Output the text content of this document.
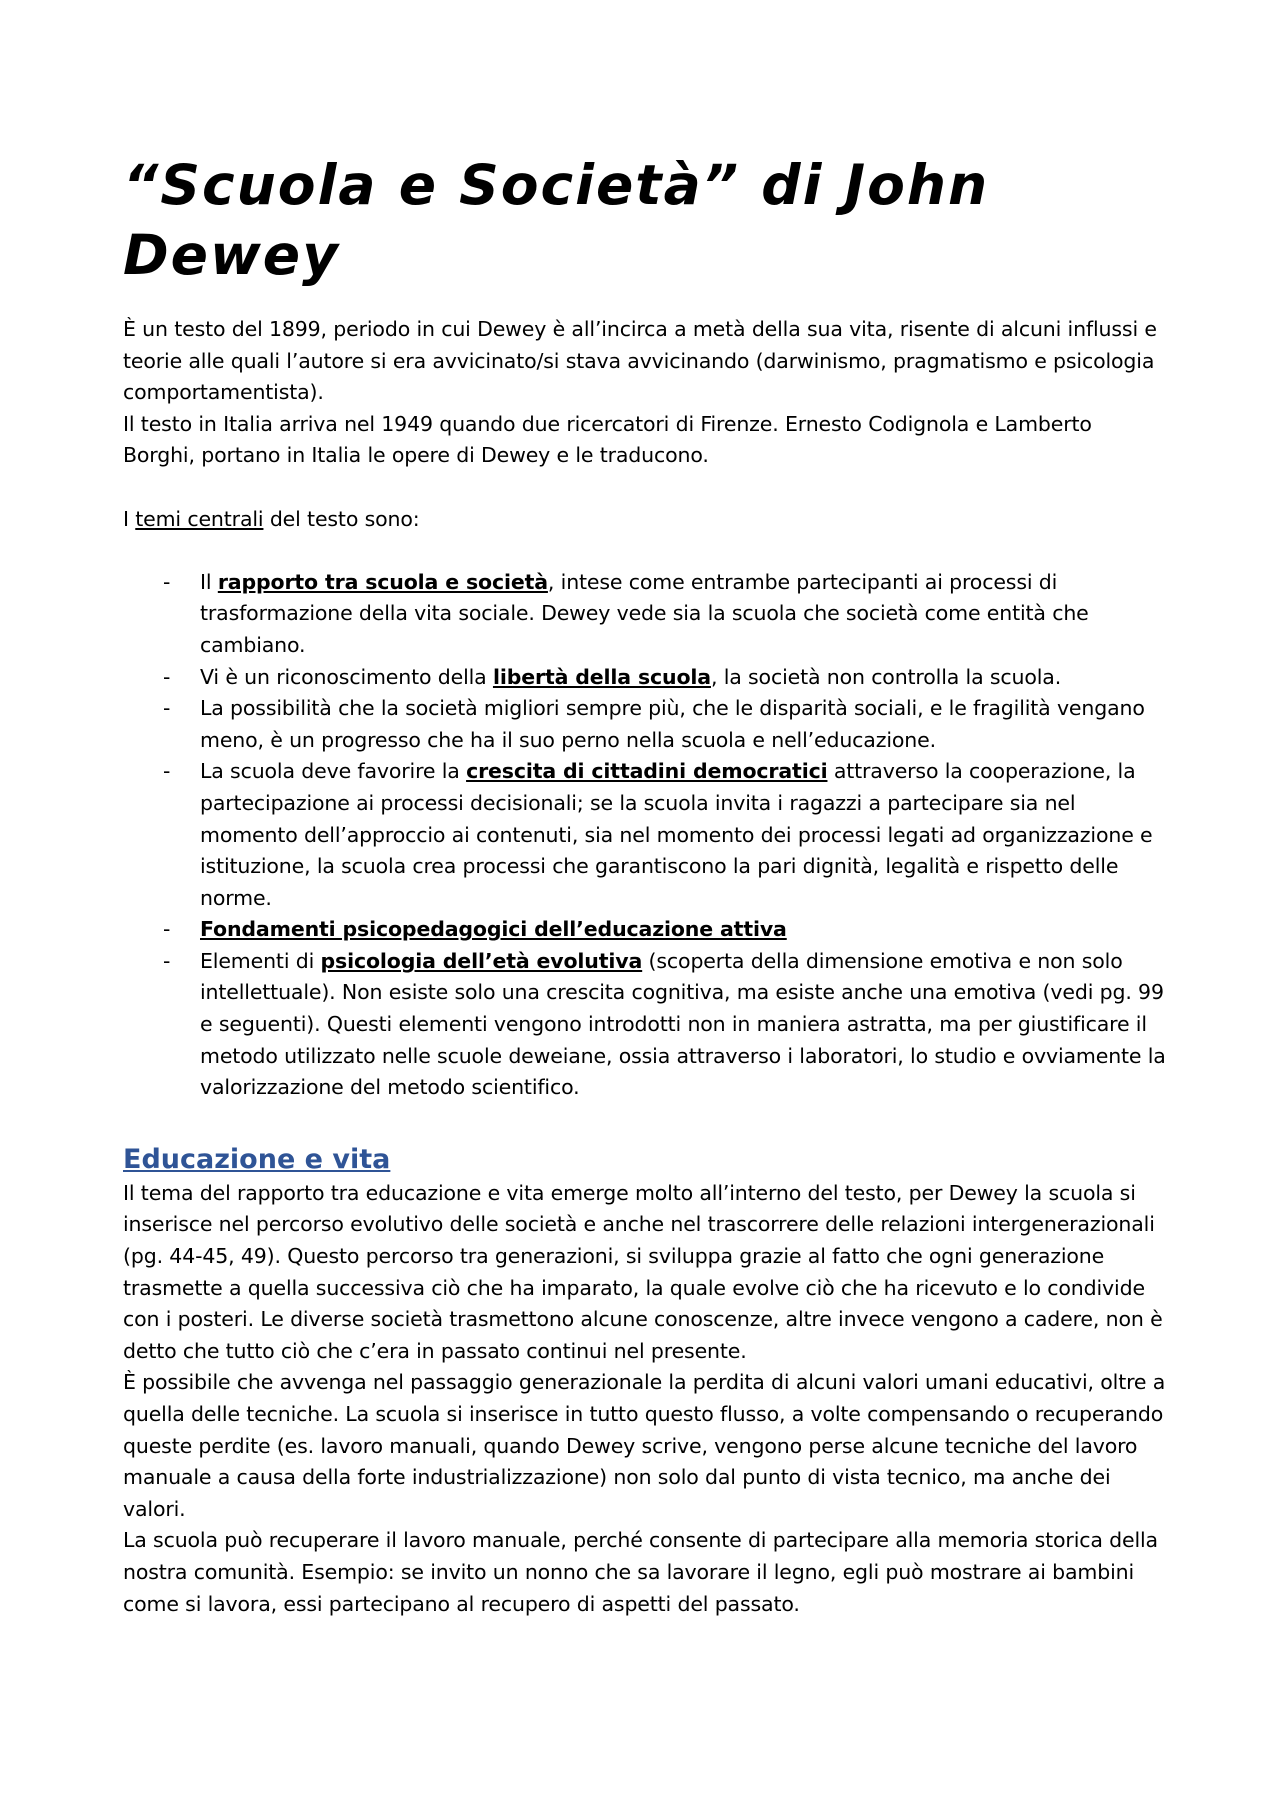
“Scuola e Società” di John Dewey

È un testo del 1899, periodo in cui Dewey è all’incirca a metà della sua vita, risente di alcuni influssi e teorie alle quali l’autore si era avvicinato/si stava avvicinando (darwinismo, pragmatismo e psicologia comportamentista).

Il testo in Italia arriva nel 1949 quando due ricercatori di Firenze. Ernesto Codignola e Lamberto Borghi, portano in Italia le opere di Dewey e le traducono.

I temi centrali del testo sono:

- Il rapporto tra scuola e società, intese come entrambe partecipanti ai processi di trasformazione della vita sociale. Dewey vede sia la scuola che società come entità che cambiano.
- Vi è un riconoscimento della libertà della scuola, la società non controlla la scuola.
- La possibilità che la società migliori sempre più, che le disparità sociali, e le fragilità vengano meno, è un progresso che ha il suo perno nella scuola e nell’educazione.
- La scuola deve favorire la crescita di cittadini democratici attraverso la cooperazione, la partecipazione ai processi decisionali; se la scuola invita i ragazzi a partecipare sia nel momento dell’approccio ai contenuti, sia nel momento dei processi legati ad organizzazione e istituzione, la scuola crea processi che garantiscono la pari dignità, legalità e rispetto delle norme.
- Fondamenti psicopedagogici dell’educazione attiva
- Elementi di psicologia dell’età evolutiva (scoperta della dimensione emotiva e non solo intellettuale). Non esiste solo una crescita cognitiva, ma esiste anche una emotiva (vedi pg. 99 e seguenti). Questi elementi vengono introdotti non in maniera astratta, ma per giustificare il metodo utilizzato nelle scuole deweiane, ossia attraverso i laboratori, lo studio e ovviamente la valorizzazione del metodo scientifico.
Educazione e vita

Il tema del rapporto tra educazione e vita emerge molto all’interno del testo, per Dewey la scuola si inserisce nel percorso evolutivo delle società e anche nel trascorrere delle relazioni intergenerazionali (pg. 44-45, 49). Questo percorso tra generazioni, si sviluppa grazie al fatto che ogni generazione trasmette a quella successiva ciò che ha imparato, la quale evolve ciò che ha ricevuto e lo condivide con i posteri. Le diverse società trasmettono alcune conoscenze, altre invece vengono a cadere, non è detto che tutto ciò che c’era in passato continui nel presente.

È possibile che avvenga nel passaggio generazionale la perdita di alcuni valori umani educativi, oltre a quella delle tecniche. La scuola si inserisce in tutto questo flusso, a volte compensando o recuperando queste perdite (es. lavoro manuali, quando Dewey scrive, vengono perse alcune tecniche del lavoro manuale a causa della forte industrializzazione) non solo dal punto di vista tecnico, ma anche dei valori.

La scuola può recuperare il lavoro manuale, perché consente di partecipare alla memoria storica della nostra comunità. Esempio: se invito un nonno che sa lavorare il legno, egli può mostrare ai bambini come si lavora, essi partecipano al recupero di aspetti del passato.
